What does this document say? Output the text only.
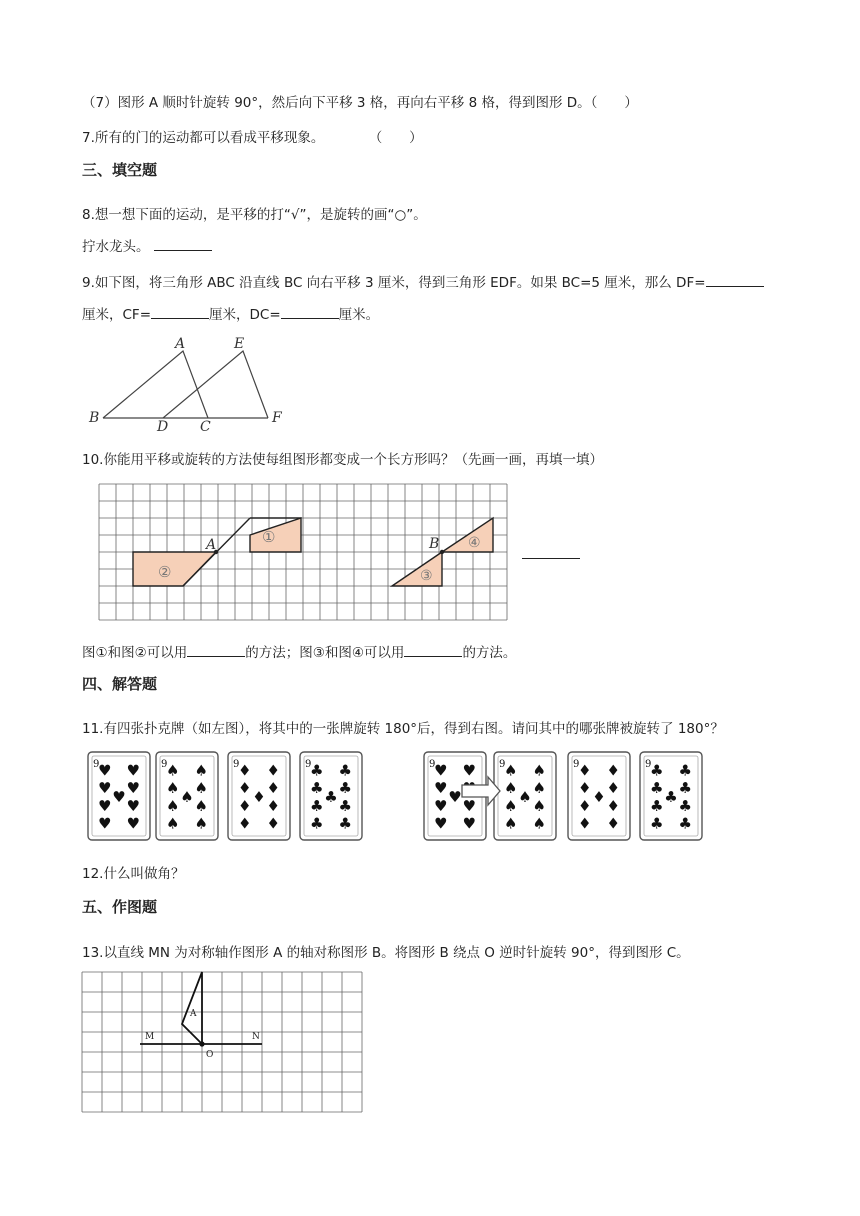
（7）图形 A 顺时针旋转 90°，然后向下平移 3 格，再向右平移 8 格，得到图形 D。（　　）
7.所有的门的运动都可以看成平移现象。	（　　）
三、填空题
8.想一想下面的运动，是平移的打“√”，是旋转的画“○”。
拧水龙头。
9.如下图，将三角形 ABC 沿直线 BC 向右平移 3 厘米，得到三角形 EDF。如果 BC=5 厘米，那么 DF=
厘米，CF=	厘米，DC=	厘米。
A	E
B
D C
F
10.你能用平移或旋转的方法使每组图形都变成一个长方形吗？（先画一画，再填一填）
A	①
②
B
③
④
图①和图②可以用	的方法；图③和图④可以用	的方法。
四、解答题
11.有四张扑克牌（如左图），将其中的一张牌旋转 180°后，得到右图。请问其中的哪张牌被旋转了 180°？
9
♥ ♥
♥ ♥
♥
♥ ♥
♥ ♥
9
♠ ♠
♠ ♠
♠
♠ ♠
♠ ♠
9
♦ ♦
♦ ♦
♦
♦ ♦
♦ ♦
9
♣ ♣
♣ ♣
♣
♣ ♣
♣ ♣
9
♥ ♥
♥ ♥
♥ ♥
♥ ♥
9
♠ ♠
♠ ♠
♠
♠ ♠
♠ ♠
9
♦ ♦
♦ ♦
♦
♦ ♦
♦ ♦
9
♣ ♣
♣ ♣
♣
♣ ♣
♣ ♣
12.什么叫做角？
五、作图题
13.以直线 MN 为对称轴作图形 A 的轴对称图形 B。将图形 B 绕点 O 逆时针旋转 90°，得到图形 C。
A
M	N
O
